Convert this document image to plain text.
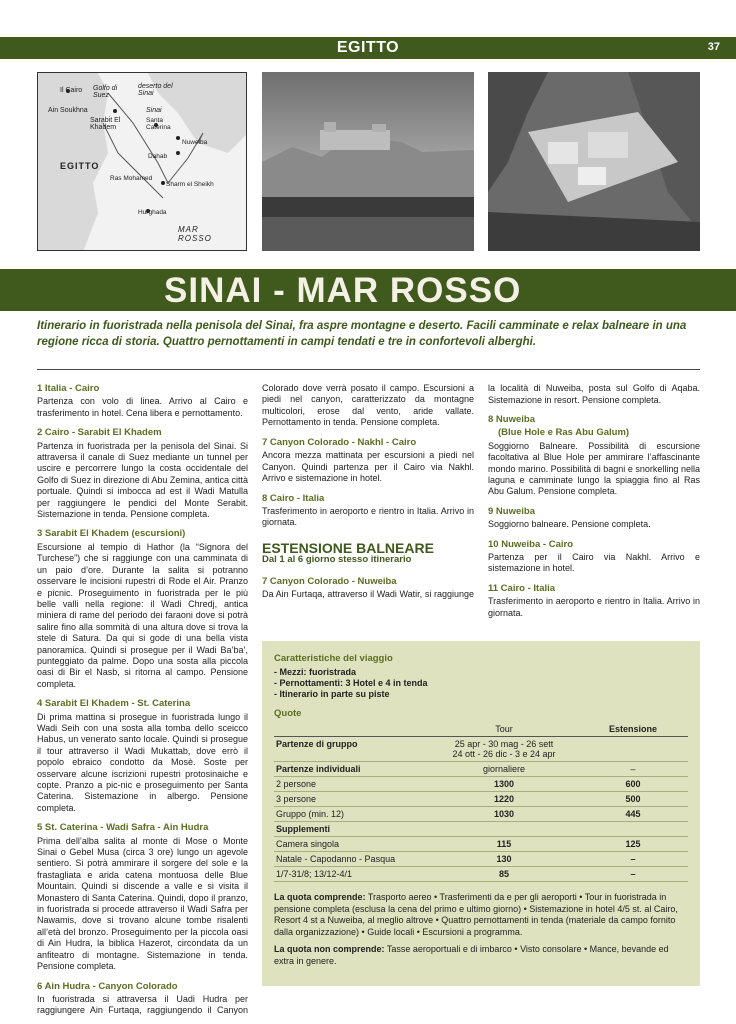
EGITTO	37
Il Cairo Golfo di Suez
deserto del Sinai
Ain Soukhna
Sarabit El Khadem
Sinai
Santa Caterina
Nuweiba
Dahab
EGITTO
Ras Mohamed
Sharm el Sheikh
Hurghada
MAR ROSSO
SINAI - MAR ROSSO
Itinerario in fuoristrada nella penisola del Sinai, fra aspre montagne e deserto. Facili camminate e relax balneare in una regione ricca di storia. Quattro pernottamenti in campi tendati e tre in confortevoli alberghi.
1 Italia - Cairo

Partenza con volo di linea. Arrivo al Cairo e trasferimento in hotel. Cena libera e pernottamento.

2 Cairo - Sarabit El Khadem

Partenza in fuoristrada per la penisola del Sinai. Si attraversa il canale di Suez mediante un tunnel per uscire e percorrere lungo la costa occidentale del Golfo di Suez in direzione di Abu Zemina, antica città portuale. Quindi si imbocca ad est il Wadi Matulla per raggiungere le pendici del Monte Serabit. Sistemazione in tenda. Pensione completa.

3 Sarabit El Khadem (escursioni)

Escursione al tempio di Hathor (la “Signora del Turchese”) che si raggiunge con una camminata di un paio d’ore. Durante la salita si potranno osservare le incisioni rupestri di Rode el Air. Pranzo e picnic. Proseguimento in fuoristrada per le più belle valli nella regione: il Wadi Chredj, antica miniera di rame del periodo dei faraoni dove si potrà salire fino alla sommità di una altura dove si trova la stele di Satura. Da qui si gode di una bella vista panoramica. Quindi si prosegue per il Wadi Ba’ba’, punteggiato da palme. Dopo una sosta alla piccola oasi di Bir el Nasb, si ritorna al campo. Pensione completa.

4 Sarabit El Khadem - St. Caterina

Di prima mattina si prosegue in fuoristrada lungo il Wadi Seih con una sosta alla tomba dello sceicco Habus, un venerato santo locale. Quindi si prosegue il tour attraverso il Wadi Mukattab, dove errò il popolo ebraico condotto da Mosè. Soste per osservare alcune iscrizioni rupestri protosinaiche e copte. Pranzo a pic-nic e proseguimento per Santa Caterina. Sistemazione in albergo. Pensione completa.

5 St. Caterina - Wadi Safra - Ain Hudra

Prima dell’alba salita al monte di Mose o Monte Sinai o Gebel Musa (circa 3 ore) lungo un agevole sentiero. Si potrà ammirare il sorgere del sole e la frastagliata e arida catena montuosa delle Blue Mountain. Quindi si discende a valle e si visita il Monastero di Santa Caterina. Quindi, dopo il pranzo, in fuoristrada si procede attraverso il Wadi Safra per Nawamis, dove si trovano alcune tombe risalenti all’età del bronzo. Proseguimento per la piccola oasi di Ain Hudra, la biblica Hazerot, circondata da un anfiteatro di montagne. Sistemazione in tenda. Pensione completa.

6 Ain Hudra - Canyon Colorado

In fuoristrada si attraversa il Uadi Hudra per raggiungere Ain Furtaqa, raggiungendo il Canyon

Colorado dove verrà posato il campo. Escursioni a piedi nel canyon, caratterizzato da montagne multicolori, erose dal vento, aride vallate. Pernottamento in tenda. Pensione completa.

7 Canyon Colorado - Nakhl - Cairo

Ancora mezza mattinata per escursioni a piedi nel Canyon. Quindi partenza per il Cairo via Nakhl. Arrivo e sistemazione in hotel.

8 Cairo - Italia

Trasferimento in aeroporto e rientro in Italia. Arrivo in giornata.

ESTENSIONE BALNEARE
Dal 1 al 6 giorno stesso itinerario
7 Canyon Colorado - Nuweiba

Da Ain Furtaqa, attraverso il Wadi Watir, si raggiunge

la località di Nuweiba, posta sul Golfo di Aqaba. Sistemazione in resort. Pensione completa.

8 Nuweiba
(Blue Hole e Ras Abu Galum)

Soggiorno Balneare. Possibilità di escursione facoltativa al Blue Hole per ammirare l’affascinante mondo marino. Possibilità di bagni e snorkelling nella laguna e camminate lungo la spiaggia fino al Ras Abu Galum. Pensione completa.

9 Nuweiba

Soggiorno balneare. Pensione completa.

10 Nuweiba - Cairo

Partenza per il Cairo via Nakhl. Arrivo e sistemazione in hotel.

11 Cairo - Italia

Trasferimento in aeroporto e rientro in Italia. Arrivo in giornata.

Caratteristiche del viaggio
- Mezzi: fuoristrada
- Pernottamenti: 3 Hotel e 4 in tenda
- Itinerario in parte su piste
Quote
	Tour	Estensione
Partenze di gruppo	25 apr - 30 mag - 26 sett
24 ott - 26 dic - 3 e 24 apr	
Partenze individuali	giornaliere	–
2 persone	1300	600
3 persone	1220	500
Gruppo (min. 12)	1030	445
Supplementi		
Camera singola	115	125
Natale - Capodanno - Pasqua	130	–
1/7-31/8; 13/12-4/1	85	–

La quota comprende: Trasporto aereo • Trasferimenti da e per gli aeroporti • Tour in fuoristrada in pensione completa (esclusa la cena del primo e ultimo giorno) • Sistemazione in hotel 4/5 st. al Cairo, Resort 4 st a Nuweiba, al meglio altrove • Quattro pernottamenti in tenda (materiale da campo fornito dalla organizzazione) • Guide locali • Escursioni a programma.

La quota non comprende: Tasse aeroportuali e di imbarco • Visto consolare • Mance, bevande ed extra in genere.
